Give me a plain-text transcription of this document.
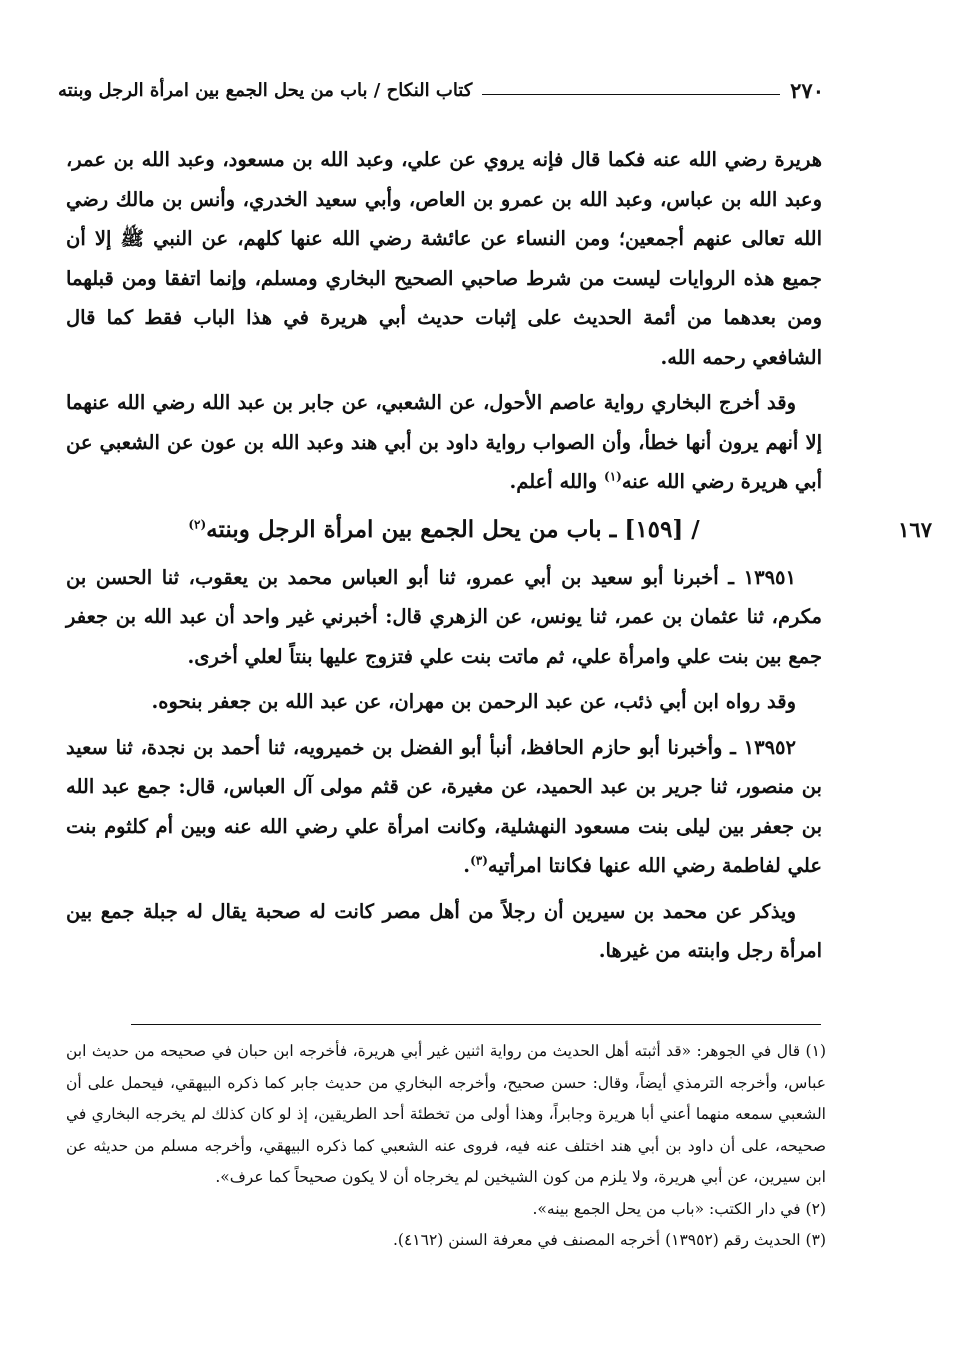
٢٧٠
كتاب النكاح / باب من يحل الجمع بين امرأة الرجل وبنته

هريرة رضي الله عنه فكما قال فإنه يروي عن علي، وعبد الله بن مسعود، وعبد الله بن عمر، وعبد الله بن عباس، وعبد الله بن عمرو بن العاص، وأبي سعيد الخدري، وأنس بن مالك رضي الله تعالى عنهم أجمعين؛ ومن النساء عن عائشة رضي الله عنها كلهم، عن النبي ﷺ إلا أن جميع هذه الروايات ليست من شرط صاحبي الصحيح البخاري ومسلم، وإنما اتفقا ومن قبلهما ومن بعدهما من أئمة الحديث على إثبات حديث أبي هريرة في هذا الباب فقط كما قال الشافعي رحمه الله.

وقد أخرج البخاري رواية عاصم الأحول، عن الشعبي، عن جابر بن عبد الله رضي الله عنهما إلا أنهم يرون أنها خطأ، وأن الصواب رواية داود بن أبي هند وعبد الله بن عون عن الشعبي عن أبي هريرة رضي الله عنه$^{(١)}$ والله أعلم.

١٦٧
/ [١٥٩] ـ باب من يحل الجمع بين امرأة الرجل وبنته$^{(٢)}$

١٣٩٥١ ـ أخبرنا أبو سعيد بن أبي عمرو، ثنا أبو العباس محمد بن يعقوب، ثنا الحسن بن مكرم، ثنا عثمان بن عمر، ثنا يونس، عن الزهري قال: أخبرني غير واحد أن عبد الله بن جعفر جمع بين بنت علي وامرأة علي، ثم ماتت بنت علي فتزوج عليها بنتاً لعلي أخرى.

وقد رواه ابن أبي ذئب، عن عبد الرحمن بن مهران، عن عبد الله بن جعفر بنحوه.

١٣٩٥٢ ـ وأخبرنا أبو حازم الحافظ، أنبأ أبو الفضل بن خميرويه، ثنا أحمد بن نجدة، ثنا سعيد بن منصور، ثنا جرير بن عبد الحميد، عن مغيرة، عن قثم مولى آل العباس، قال: جمع عبد الله بن جعفر بين ليلى بنت مسعود النهشلية، وكانت امرأة علي رضي الله عنه وبين أم كلثوم بنت علي لفاطمة رضي الله عنها فكانتا امرأتيه$^{(٣)}$.

ويذكر عن محمد بن سيرين أن رجلاً من أهل مصر كانت له صحبة يقال له جبلة جمع بين امرأة رجل وابنته من غيرها.

(١) قال في الجوهر: «قد أثبته أهل الحديث من رواية اثنين غير أبي هريرة، فأخرجه ابن حبان في صحيحه من حديث ابن عباس، وأخرجه الترمذي أيضاً، وقال: حسن صحيح، وأخرجه البخاري من حديث جابر كما ذكره البيهقي، فيحمل على أن الشعبي سمعه منهما أعني أبا هريرة وجابراً، وهذا أولى من تخطئة أحد الطريقين، إذ لو كان كذلك لم يخرجه البخاري في صحيحه، على أن داود بن أبي هند اختلف عنه فيه، فروى عنه الشعبي كما ذكره البيهقي، وأخرجه مسلم من حديثه عن ابن سيرين، عن أبي هريرة، ولا يلزم من كون الشيخين لم يخرجاه أن لا يكون صحيحاً كما عرف».

(٢) في دار الكتب: «باب من يحل الجمع بينه».

(٣) الحديث رقم (١٣٩٥٢) أخرجه المصنف في معرفة السنن (٤١٦٢).
